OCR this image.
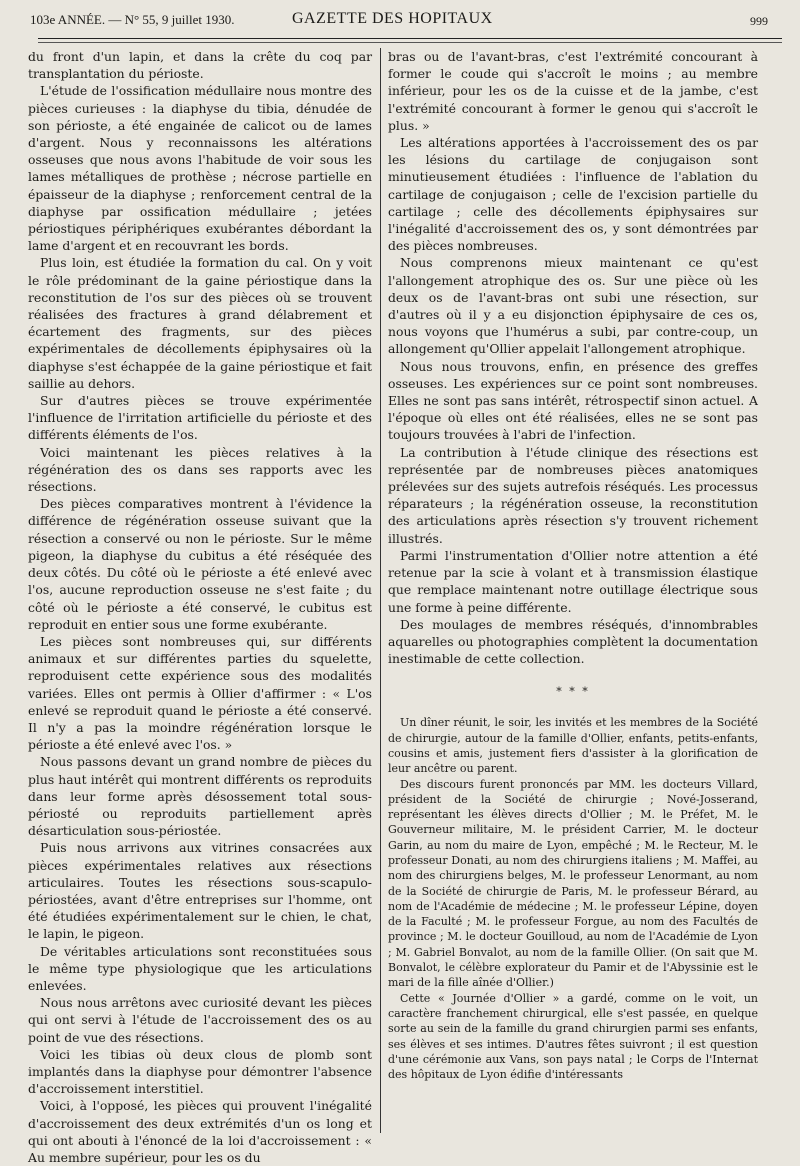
103e ANNÉE. — N° 55, 9 juillet 1930.	GAZETTE DES HOPITAUX	999

du front d'un lapin, et dans la crête du coq par transplantation du périoste.

L'étude de l'ossification médullaire nous montre des pièces curieuses : la diaphyse du tibia, dénudée de son périoste, a été engainée de calicot ou de lames d'argent. Nous y reconnaissons les altérations osseuses que nous avons l'habitude de voir sous les lames métalliques de prothèse ; nécrose partielle en épaisseur de la diaphyse ; renforcement central de la diaphyse par ossification médullaire ; jetées périostiques périphériques exubérantes débordant la lame d'argent et en recouvrant les bords.

Plus loin, est étudiée la formation du cal. On y voit le rôle prédominant de la gaine périostique dans la reconstitution de l'os sur des pièces où se trouvent réalisées des fractures à grand délabrement et écartement des fragments, sur des pièces expérimentales de décollements épiphysaires où la diaphyse s'est échappée de la gaine périostique et fait saillie au dehors.

Sur d'autres pièces se trouve expérimentée l'influence de l'irritation artificielle du périoste et des différents éléments de l'os.

Voici maintenant les pièces relatives à la régénération des os dans ses rapports avec les résections.

Des pièces comparatives montrent à l'évidence la différence de régénération osseuse suivant que la résection a conservé ou non le périoste. Sur le même pigeon, la diaphyse du cubitus a été réséquée des deux côtés. Du côté où le périoste a été enlevé avec l'os, aucune reproduction osseuse ne s'est faite ; du côté où le périoste a été conservé, le cubitus est reproduit en entier sous une forme exubérante.

Les pièces sont nombreuses qui, sur différents animaux et sur différentes parties du squelette, reproduisent cette expérience sous des modalités variées. Elles ont permis à Ollier d'affirmer : « L'os enlevé se reproduit quand le périoste a été conservé. Il n'y a pas la moindre régénération lorsque le périoste a été enlevé avec l'os. »

Nous passons devant un grand nombre de pièces du plus haut intérêt qui montrent différents os reproduits dans leur forme après désossement total sous-périosté ou reproduits partiellement après désarticulation sous-périostée.

Puis nous arrivons aux vitrines consacrées aux pièces expérimentales relatives aux résections articulaires. Toutes les résections sous-scapulo-périostées, avant d'être entreprises sur l'homme, ont été étudiées expérimentalement sur le chien, le chat, le lapin, le pigeon.

De véritables articulations sont reconstituées sous le même type physiologique que les articulations enlevées.

Nous nous arrêtons avec curiosité devant les pièces qui ont servi à l'étude de l'accroissement des os au point de vue des résections.

Voici les tibias où deux clous de plomb sont implantés dans la diaphyse pour démontrer l'absence d'accroissement interstitiel.

Voici, à l'opposé, les pièces qui prouvent l'inégalité d'accroissement des deux extrémités d'un os long et qui ont abouti à l'énoncé de la loi d'accroissement : « Au membre supérieur, pour les os du

bras ou de l'avant-bras, c'est l'extrémité concourant à former le coude qui s'accroît le moins ; au membre inférieur, pour les os de la cuisse et de la jambe, c'est l'extrémité concourant à former le genou qui s'accroît le plus. »

Les altérations apportées à l'accroissement des os par les lésions du cartilage de conjugaison sont minutieusement étudiées : l'influence de l'ablation du cartilage de conjugaison ; celle de l'excision partielle du cartilage ; celle des décollements épiphysaires sur l'inégalité d'accroissement des os, y sont démontrées par des pièces nombreuses.

Nous comprenons mieux maintenant ce qu'est l'allongement atrophique des os. Sur une pièce où les deux os de l'avant-bras ont subi une résection, sur d'autres où il y a eu disjonction épiphysaire de ces os, nous voyons que l'humérus a subi, par contre-coup, un allongement qu'Ollier appelait l'allongement atrophique.

Nous nous trouvons, enfin, en présence des greffes osseuses. Les expériences sur ce point sont nombreuses. Elles ne sont pas sans intérêt, rétrospectif sinon actuel. A l'époque où elles ont été réalisées, elles ne se sont pas toujours trouvées à l'abri de l'infection.

La contribution à l'étude clinique des résections est représentée par de nombreuses pièces anatomiques prélevées sur des sujets autrefois réséqués. Les processus réparateurs ; la régénération osseuse, la reconstitution des articulations après résection s'y trouvent richement illustrés.

Parmi l'instrumentation d'Ollier notre attention a été retenue par la scie à volant et à transmission élastique que remplace maintenant notre outillage électrique sous une forme à peine différente.

Des moulages de membres réséqués, d'innombrables aquarelles ou photographies complètent la documentation inestimable de cette collection.

* * *

Un dîner réunit, le soir, les invités et les membres de la Société de chirurgie, autour de la famille d'Ollier, enfants, petits-enfants, cousins et amis, justement fiers d'assister à la glorification de leur ancêtre ou parent.

Des discours furent prononcés par MM. les docteurs Villard, président de la Société de chirurgie ; Nové-Josserand, représentant les élèves directs d'Ollier ; M. le Préfet, M. le Gouverneur militaire, M. le président Carrier, M. le docteur Garin, au nom du maire de Lyon, empêché ; M. le Recteur, M. le professeur Donati, au nom des chirurgiens italiens ; M. Maffei, au nom des chirurgiens belges, M. le professeur Lenormant, au nom de la Société de chirurgie de Paris, M. le professeur Bérard, au nom de l'Académie de médecine ; M. le professeur Lépine, doyen de la Faculté ; M. le professeur Forgue, au nom des Facultés de province ; M. le docteur Gouilloud, au nom de l'Académie de Lyon ; M. Gabriel Bonvalot, au nom de la famille Ollier. (On sait que M. Bonvalot, le célèbre explorateur du Pamir et de l'Abyssinie est le mari de la fille aînée d'Ollier.)

Cette « Journée d'Ollier » a gardé, comme on le voit, un caractère franchement chirurgical, elle s'est passée, en quelque sorte au sein de la famille du grand chirurgien parmi ses enfants, ses élèves et ses intimes. D'autres fêtes suivront ; il est question d'une cérémonie aux Vans, son pays natal ; le Corps de l'Internat des hôpitaux de Lyon édifie d'intéressants
